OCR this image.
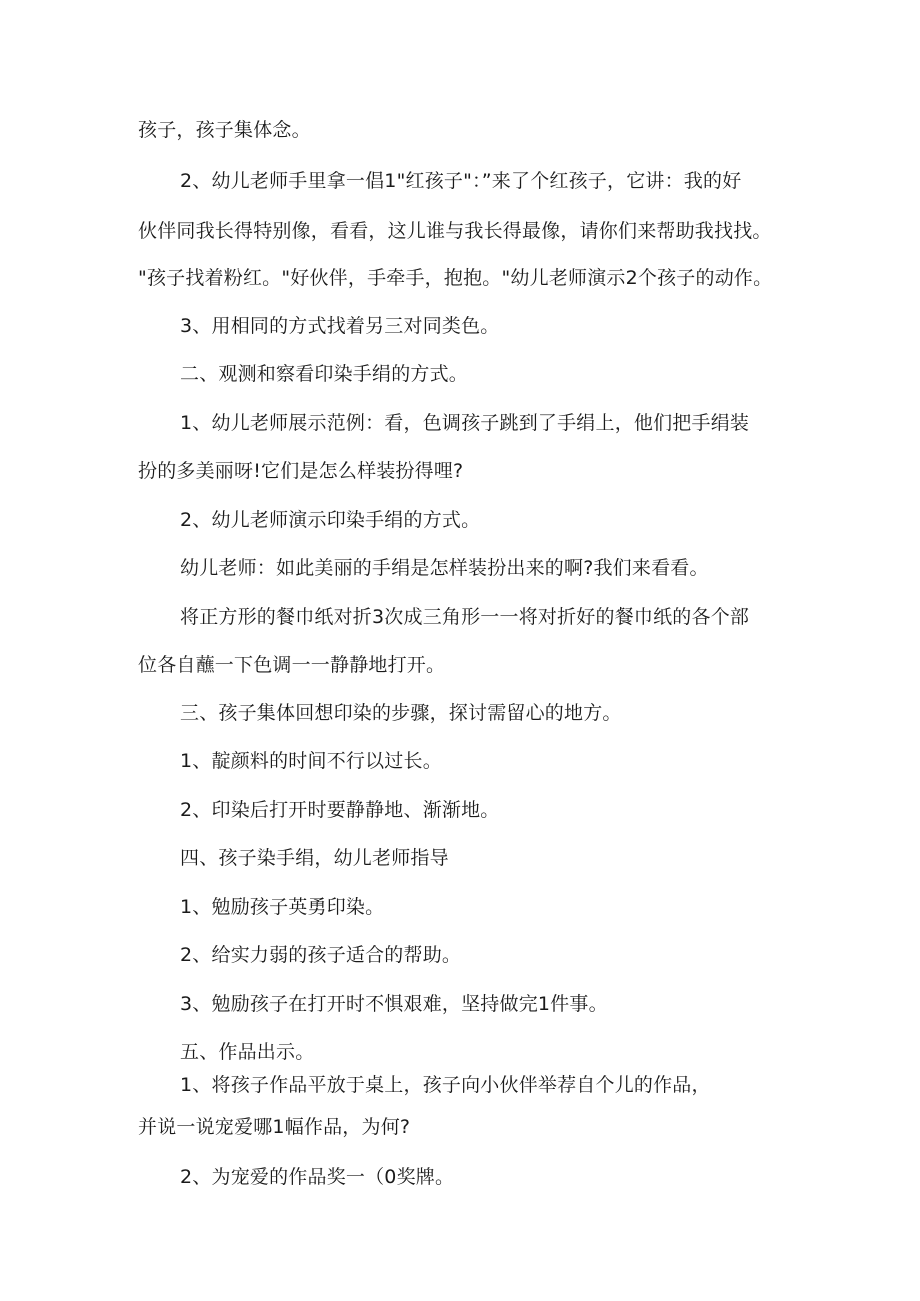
孩子，孩子集体念。

2、幼儿老师手里拿一倡1"红孩子"：”来了个红孩子，它讲：我的好

伙伴同我长得特别像，看看，这儿谁与我长得最像，请你们来帮助我找找。

"孩子找着粉红。"好伙伴，手牵手，抱抱。"幼儿老师演示2个孩子的动作。

3、用相同的方式找着另三对同类色。

二、观测和察看印染手绢的方式。

1、幼儿老师展示范例：看，色调孩子跳到了手绢上，他们把手绢装

扮的多美丽呀!它们是怎么样装扮得哩?

2、幼儿老师演示印染手绢的方式。

幼儿老师：如此美丽的手绢是怎样装扮出来的啊?我们来看看。

将正方形的餐巾纸对折3次成三角形一一将对折好的餐巾纸的各个部

位各自蘸一下色调一一静静地打开。

三、孩子集体回想印染的步骤，探讨需留心的地方。

1、靛颜料的时间不行以过长。

2、印染后打开时要静静地、渐渐地。

四、孩子染手绢，幼儿老师指导

1、勉励孩子英勇印染。

2、给实力弱的孩子适合的帮助。

3、勉励孩子在打开时不惧艰难，坚持做完1件事。

五、作品出示。

1、将孩子作品平放于桌上，孩子向小伙伴举荐自个儿的作品，

并说一说宠爱哪1幅作品，为何?

2、为宠爱的作品奖一（0奖牌。
